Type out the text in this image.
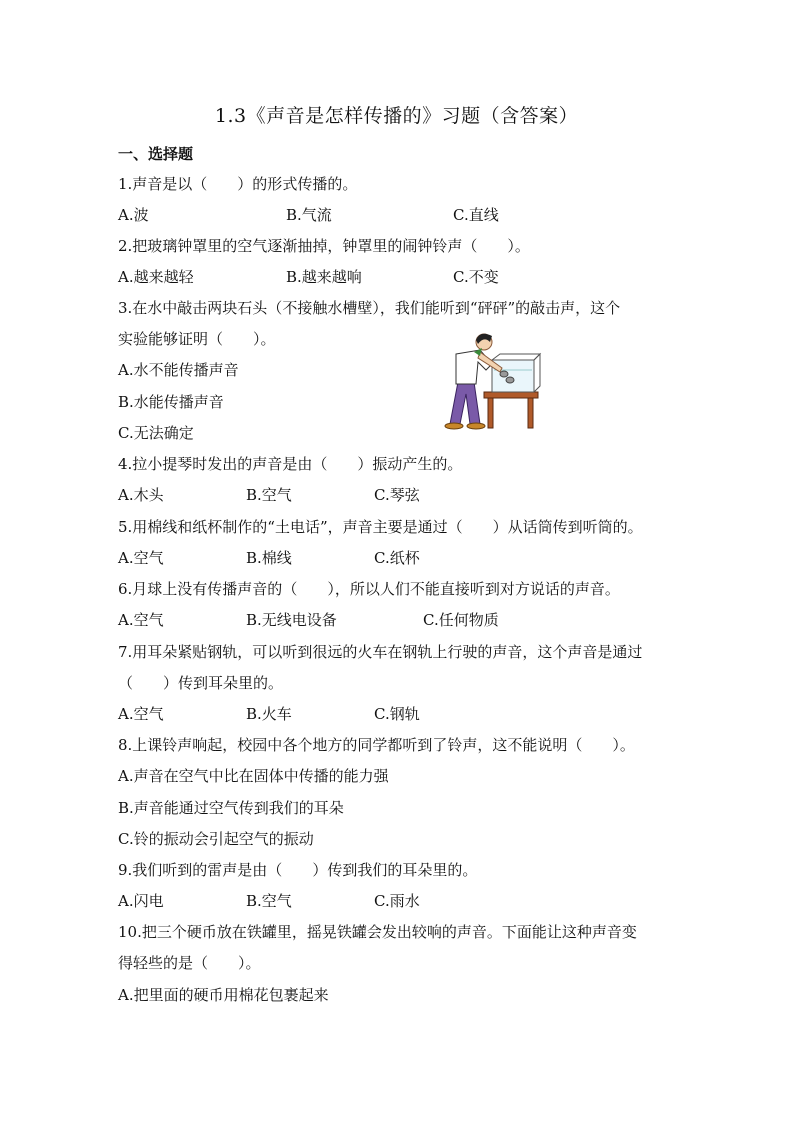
1.3《声音是怎样传播的》习题（含答案）
一、选择题
1.声音是以（　　）的形式传播的。
A.波	B.气流	C.直线
2.把玻璃钟罩里的空气逐渐抽掉，钟罩里的闹钟铃声（　　）。
A.越来越轻	B.越来越响	C.不变
3.在水中敲击两块石头（不接触水槽壁），我们能听到“砰砰”的敲击声，这个
实验能够证明（　　）。
A.水不能传播声音
B.水能传播声音
C.无法确定
4.拉小提琴时发出的声音是由（　　）振动产生的。
A.木头	B.空气	C.琴弦
5.用棉线和纸杯制作的“土电话”，声音主要是通过（　　）从话筒传到听筒的。
A.空气	B.棉线	C.纸杯
6.月球上没有传播声音的（　　），所以人们不能直接听到对方说话的声音。
A.空气	B.无线电设备	C.任何物质
7.用耳朵紧贴钢轨，可以听到很远的火车在钢轨上行驶的声音，这个声音是通过
（　　）传到耳朵里的。
A.空气	B.火车	C.钢轨
8.上课铃声响起，校园中各个地方的同学都听到了铃声，这不能说明（　　）。
A.声音在空气中比在固体中传播的能力强
B.声音能通过空气传到我们的耳朵
C.铃的振动会引起空气的振动
9.我们听到的雷声是由（　　）传到我们的耳朵里的。
A.闪电	B.空气	C.雨水
10.把三个硬币放在铁罐里，摇晃铁罐会发出较响的声音。下面能让这种声音变
得轻些的是（　　）。
A.把里面的硬币用棉花包裹起来
